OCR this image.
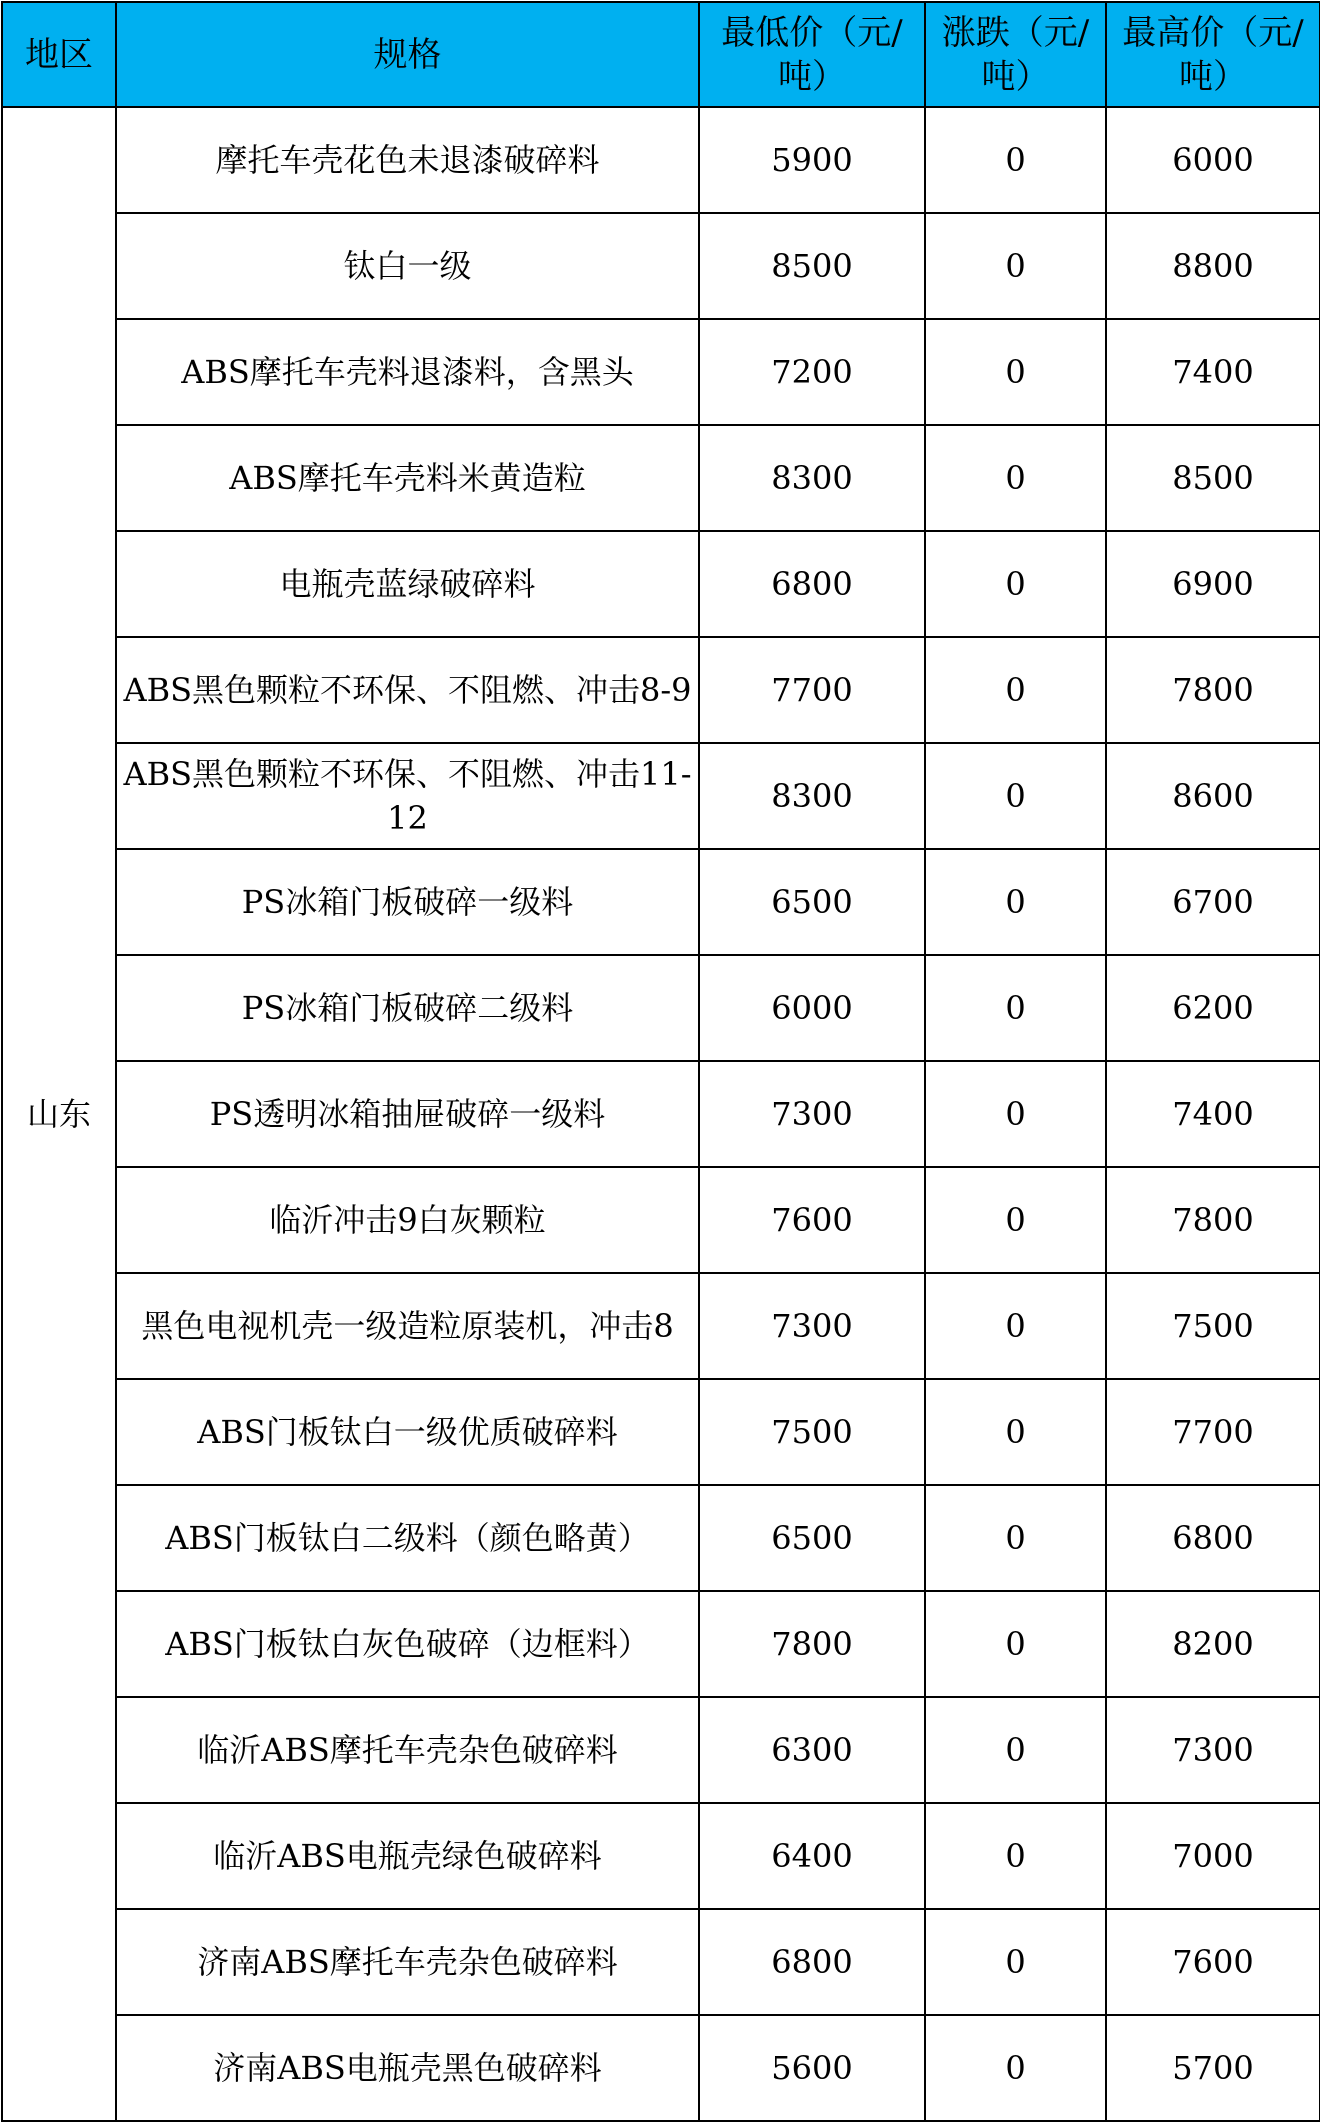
地区	规格	最低价（元/吨）	涨跌（元/吨）	最高价（元/吨）
山东	摩托车壳花色未退漆破碎料	5900	0	6000
	钛白一级	8500	0	8800
	ABS摩托车壳料退漆料，含黑头	7200	0	7400
	ABS摩托车壳料米黄造粒	8300	0	8500
	电瓶壳蓝绿破碎料	6800	0	6900
	ABS黑色颗粒不环保、不阻燃、冲击8-9	7700	0	7800
	ABS黑色颗粒不环保、不阻燃、冲击11-12	8300	0	8600
	PS冰箱门板破碎一级料	6500	0	6700
	PS冰箱门板破碎二级料	6000	0	6200
	PS透明冰箱抽屉破碎一级料	7300	0	7400
	临沂冲击9白灰颗粒	7600	0	7800
	黑色电视机壳一级造粒原装机，冲击8	7300	0	7500
	ABS门板钛白一级优质破碎料	7500	0	7700
	ABS门板钛白二级料（颜色略黄）	6500	0	6800
	ABS门板钛白灰色破碎（边框料）	7800	0	8200
	临沂ABS摩托车壳杂色破碎料	6300	0	7300
	临沂ABS电瓶壳绿色破碎料	6400	0	7000
	济南ABS摩托车壳杂色破碎料	6800	0	7600
	济南ABS电瓶壳黑色破碎料	5600	0	5700
